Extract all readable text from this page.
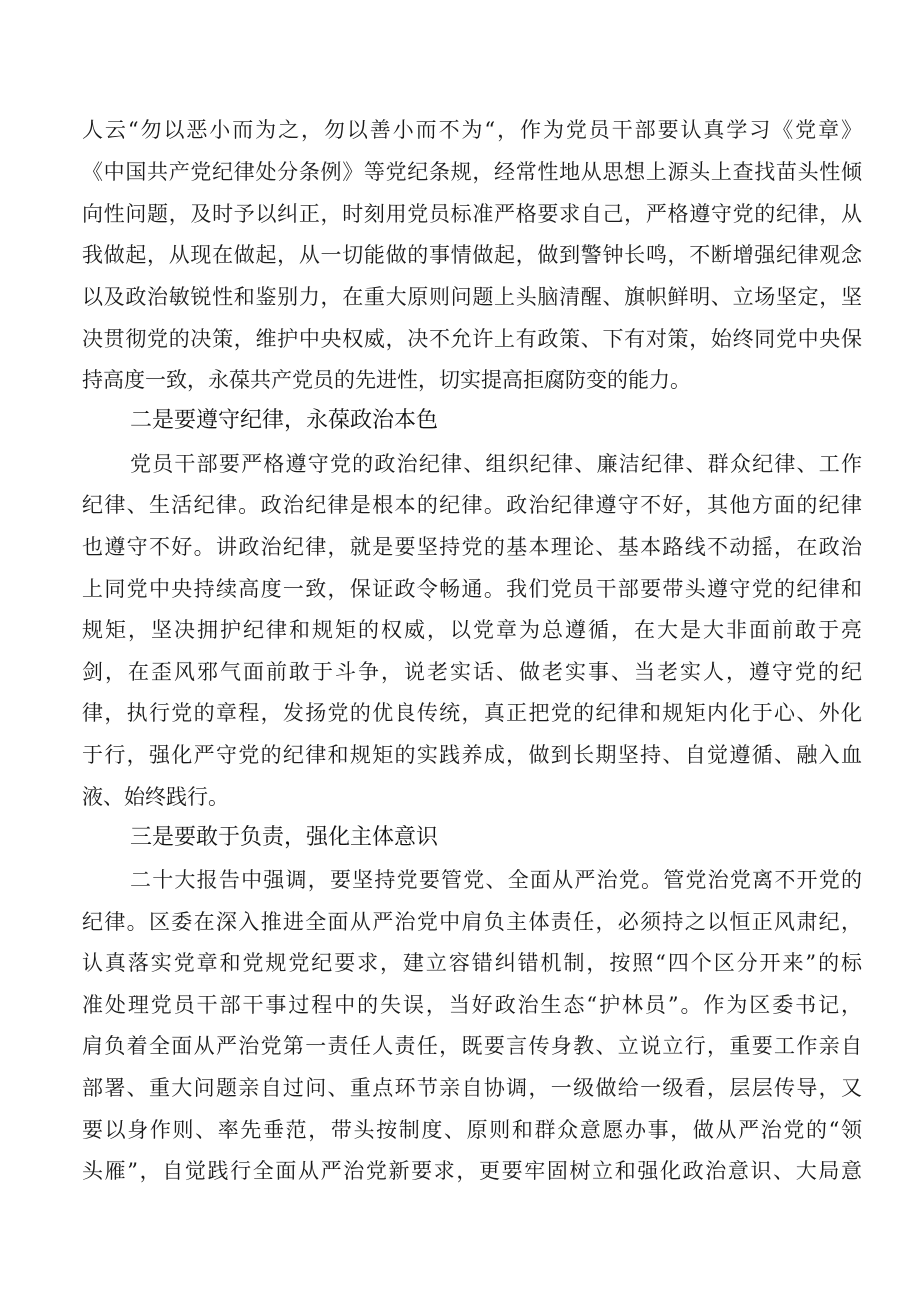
人云“勿以恶小而为之，勿以善小而不为“，作为党员干部要认真学习《党章》
《中国共产党纪律处分条例》等党纪条规，经常性地从思想上源头上查找苗头性倾
向性问题，及时予以纠正，时刻用党员标准严格要求自己，严格遵守党的纪律，从
我做起，从现在做起，从一切能做的事情做起，做到警钟长鸣，不断增强纪律观念
以及政治敏锐性和鉴别力，在重大原则问题上头脑清醒、旗帜鲜明、立场坚定，坚
决贯彻党的决策，维护中央权威，决不允许上有政策、下有对策，始终同党中央保
持高度一致，永葆共产党员的先进性，切实提高拒腐防变的能力。
二是要遵守纪律，永葆政治本色
党员干部要严格遵守党的政治纪律、组织纪律、廉洁纪律、群众纪律、工作
纪律、生活纪律。政治纪律是根本的纪律。政治纪律遵守不好，其他方面的纪律
也遵守不好。讲政治纪律，就是要坚持党的基本理论、基本路线不动摇，在政治
上同党中央持续高度一致，保证政令畅通。我们党员干部要带头遵守党的纪律和
规矩，坚决拥护纪律和规矩的权威，以党章为总遵循，在大是大非面前敢于亮
剑，在歪风邪气面前敢于斗争，说老实话、做老实事、当老实人，遵守党的纪
律，执行党的章程，发扬党的优良传统，真正把党的纪律和规矩内化于心、外化
于行，强化严守党的纪律和规矩的实践养成，做到长期坚持、自觉遵循、融入血
液、始终践行。
三是要敢于负责，强化主体意识
二十大报告中强调，要坚持党要管党、全面从严治党。管党治党离不开党的
纪律。区委在深入推进全面从严治党中肩负主体责任，必须持之以恒正风肃纪，
认真落实党章和党规党纪要求，建立容错纠错机制，按照“四个区分开来”的标
准处理党员干部干事过程中的失误，当好政治生态“护林员”。作为区委书记，
肩负着全面从严治党第一责任人责任，既要言传身教、立说立行，重要工作亲自
部署、重大问题亲自过问、重点环节亲自协调，一级做给一级看，层层传导，又
要以身作则、率先垂范，带头按制度、原则和群众意愿办事，做从严治党的“领
头雁”，自觉践行全面从严治党新要求，更要牢固树立和强化政治意识、大局意
